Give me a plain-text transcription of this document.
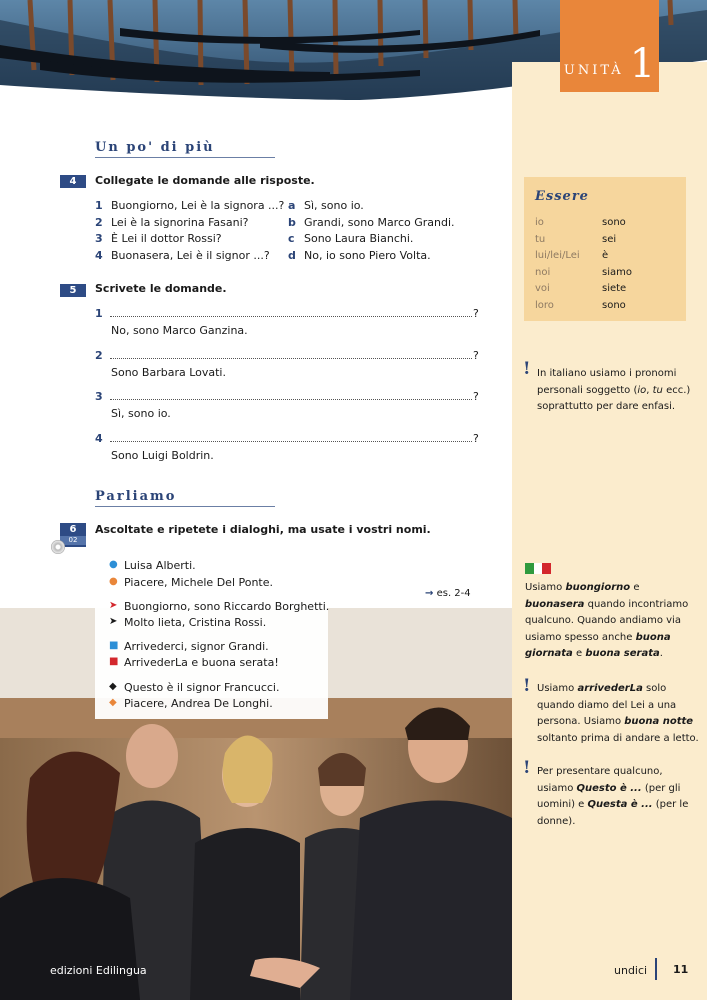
UNITÀ 1
Un po' di più
4	Collegate le domande alle risposte.
1 Buongiorno, Lei è la signora ...?
2 Lei è la signorina Fasani?
3 È Lei il dottor Rossi?
4 Buonasera, Lei è il signor ...?
a Sì, sono io.
b Grandi, sono Marco Grandi.
c Sono Laura Bianchi.
d No, io sono Piero Volta.
5	Scrivete le domande.
1	?
No, sono Marco Ganzina.
2	?
Sono Barbara Lovati.
3	?
Sì, sono io.
4	?
Sono Luigi Boldrin.
Parliamo
6
02
Ascoltate e ripetete i dialoghi, ma usate i vostri nomi.
● Luisa Alberti.
● Piacere, Michele Del Ponte.
➤ Buongiorno, sono Riccardo Borghetti.
➤ Molto lieta, Cristina Rossi.
■ Arrivederci, signor Grandi.
■ ArrivederLa e buona serata!
◆ Questo è il signor Francucci.
◆ Piacere, Andrea De Longhi.
→ es. 2-4
Essere
io	sono
tu	sei
lui/lei/Lei è
noi	siamo
voi	siete
loro	sono
! In italiano usiamo i pronomi personali soggetto (io, tu ecc.) soprattutto per dare enfasi.
Usiamo buongiorno e buonasera quando incontriamo qualcuno. Quando andiamo via usiamo spesso anche buona giornata e buona serata.
! Usiamo arrivederLa solo quando diamo del Lei a una persona. Usiamo buona notte soltanto prima di andare a letto.
! Per presentare qualcuno, usiamo Questo è ... (per gli uomini) e Questa è ... (per le donne).
edizioni Edilingua	undici 11
